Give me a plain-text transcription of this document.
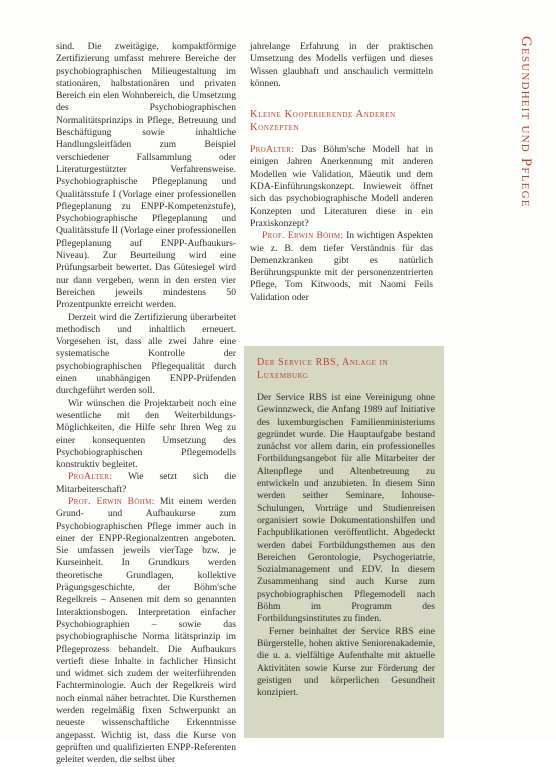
sind. Die zweitägige, kompaktförmige Zertifizierung umfasst mehrere Bereiche der psychobiographischen Milieugestaltung im stationären, halbstationären und privaten Bereich ein elen Wohnbereich, die Umsetzung des Psychobiographischen Normalitätsprinzips in Pflege, Betreuung und Beschäftigung sowie inhaltliche Handlungsleitfäden zum Beispiel verschiedener Fallsammlung oder Literaturgestützter Verfahrensweise. Psychobiographische Pflegeplanung und Qualitätsstufe I (Vorlage einer professionellen Pflegeplanung zu ENPP-Kompetenzstufe), Psychobiographische Pflegeplanung und Qualitätsstufe II (Vorlage einer professionellen Pflegeplanung auf ENPP-Aufbaukurs-Niveau). Zur Beurteilung wird eine Prüfungsarbeit bewertet. Das Gütesiegel wird nur dann vergeben, wenn in den ersten vier Bereichen jeweils mindestens 50 Prozentpunkte erreicht werden.

Derzeit wird die Zertifizierung überarbeitet methodisch und inhaltlich erneuert. Vorgesehen ist, dass alle zwei Jahre eine systematische Kontrolle der psychobiographischen Pflegequalität durch einen unabhängigen ENPP-Prüfenden durchgeführt werden soll.

Wir wünschen die Projektarbeit noch eine wesentliche mit den Weiterbildungs-Möglichkeiten, die Hilfe sehr Ihren Weg zu einer konsequenten Umsetzung des Psychobiographischen Pflegemodells konstruktiv begleitet.

ProAlter: Wie setzt sich die Mitarbeiterschaft?

Prof. Erwin Böhm: Mit einem werden Grund- und Aufbaukurse zum Psychobiographischen Pflege immer auch in einer der ENPP-Regionalzentren angeboten. Sie umfassen jeweils vierTage bzw. je Kurseinheit. In Grundkurs werden theoretische Grundlagen, kollektive Prägungsgeschichte, der Böhm'sche Regelkreis – Ansenen mit dem so genannten Interaktionsbogen. Interpretation einfacher Psychobiographien – sowie das psychobiographische Norma litätsprinzip im Pflegeprozess behandelt. Die Aufbaukurs vertieft diese Inhalte in fachlicher Hinsicht und widmet sich zudem der weiterführenden Fachterminologie. Auch der Regelkreis wird noch einmal näher betrachtet. Die Kursthemen werden regelmäßig fixen Schwerpunkt an neueste wissenschaftliche Erkenntnisse angepasst. Wichtig ist, dass die Kurse von geprüften und qualifizierten ENPP-Referenten geleitet werden, die selbst über

jahrelange Erfahrung in der praktischen Umsetzung des Modells verfügen und dieses Wissen glaubhaft und anschaulich vermitteln können.

Kleine Kooperierende Anderen Konzepten

ProAlter: Das Böhm'sche Modell hat in einigen Jahren Anerkennung mit anderen Modellen wie Validation, Mäeutik und dem KDA-Einführungskonzept. Inwieweit öffnet sich das psychobiographische Modell anderen Konzepten und Literaturen diese in ein Praxiskonzept?

Prof. Erwin Böhm: In wichtigen Aspekten wie z. B. dem tiefer Verständnis für das Demenzkranken gibt es natürlich Berührungspunkte mit der personenzentrierten Pflege, Tom Kitwoods, mit Naomi Feils Validation oder

Der Service RBS, Anlage in Luxemburg

Der Service RBS ist eine Vereinigung ohne Gewinnzweck, die Anfang 1989 auf Initiative des luxemburgischen Familienministeriums gegründet wurde. Die Hauptaufgabe bestand zunächst vor allem darin, ein professionelles Fortbildungsangebot für alle Mitarbeiter der Altenpflege und Altenbetreuung zu entwickeln und anzubieten. In diesem Sinn werden seither Seminare, Inhouse-Schulungen, Vorträge und Studienreisen organisiert sowie Dokumentationshilfen und Fachpublikationen veröffentlicht. Abgedeckt werden dabei Fortbildungsthemen aus den Bereichen Gerontologie, Psychogeriatrie, Sozialmanagement und EDV. In diesem Zusammenhang sind auch Kurse zum psychobiographischen Pflegemodell nach Böhm im Programm des Fortbildungsinstitutes zu finden.

Ferner beinhaltet der Service RBS eine Bürgerstelle, hohen aktive Seniorenakademie, die u. a. vielfältige Aufenthalte mit aktuelle Aktivitäten sowie Kurse zur Förderung der geistigen und körperlichen Gesundheit konzipiert.

Gesundheit und Pflege
